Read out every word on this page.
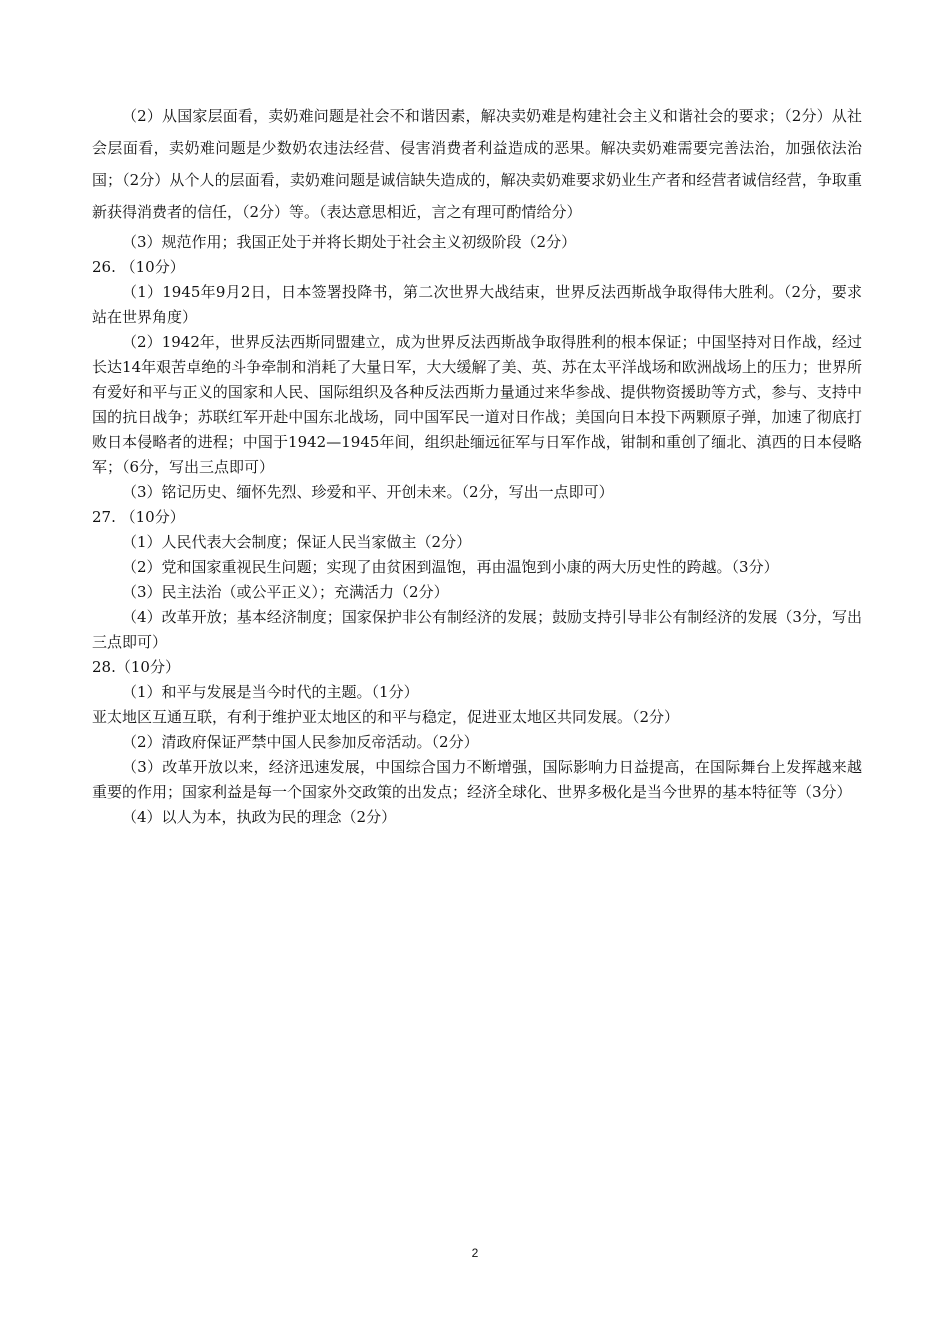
（2）从国家层面看，卖奶难问题是社会不和谐因素，解决卖奶难是构建社会主义和谐社会的要求；（2分）从社会层面看，卖奶难问题是少数奶农违法经营、侵害消费者利益造成的恶果。解决卖奶难需要完善法治，加强依法治国；（2分）从个人的层面看，卖奶难问题是诚信缺失造成的，解决卖奶难要求奶业生产者和经营者诚信经营，争取重新获得消费者的信任，（2分）等。（表达意思相近，言之有理可酌情给分）

（3）规范作用；我国正处于并将长期处于社会主义初级阶段（2分）

26. （10分）

（1）1945年9月2日，日本签署投降书，第二次世界大战结束，世界反法西斯战争取得伟大胜利。（2分，要求站在世界角度）

（2）1942年，世界反法西斯同盟建立，成为世界反法西斯战争取得胜利的根本保证；中国坚持对日作战，经过长达14年艰苦卓绝的斗争牵制和消耗了大量日军，大大缓解了美、英、苏在太平洋战场和欧洲战场上的压力；世界所有爱好和平与正义的国家和人民、国际组织及各种反法西斯力量通过来华参战、提供物资援助等方式，参与、支持中国的抗日战争；苏联红军开赴中国东北战场，同中国军民一道对日作战；美国向日本投下两颗原子弹，加速了彻底打败日本侵略者的进程；中国于1942—1945年间，组织赴缅远征军与日军作战，钳制和重创了缅北、滇西的日本侵略军；（6分，写出三点即可）

（3）铭记历史、缅怀先烈、珍爱和平、开创未来。（2分，写出一点即可）

27. （10分）

（1）人民代表大会制度；保证人民当家做主（2分）

（2）党和国家重视民生问题；实现了由贫困到温饱，再由温饱到小康的两大历史性的跨越。（3分）

（3）民主法治（或公平正义）；充满活力（2分）

（4）改革开放；基本经济制度；国家保护非公有制经济的发展；鼓励支持引导非公有制经济的发展（3分，写出三点即可）

28.（10分）

（1）和平与发展是当今时代的主题。（1分）

亚太地区互通互联，有利于维护亚太地区的和平与稳定，促进亚太地区共同发展。（2分）

（2）清政府保证严禁中国人民参加反帝活动。（2分）

（3）改革开放以来，经济迅速发展，中国综合国力不断增强，国际影响力日益提高，在国际舞台上发挥越来越重要的作用；国家利益是每一个国家外交政策的出发点；经济全球化、世界多极化是当今世界的基本特征等（3分）

（4）以人为本，执政为民的理念（2分）

2
